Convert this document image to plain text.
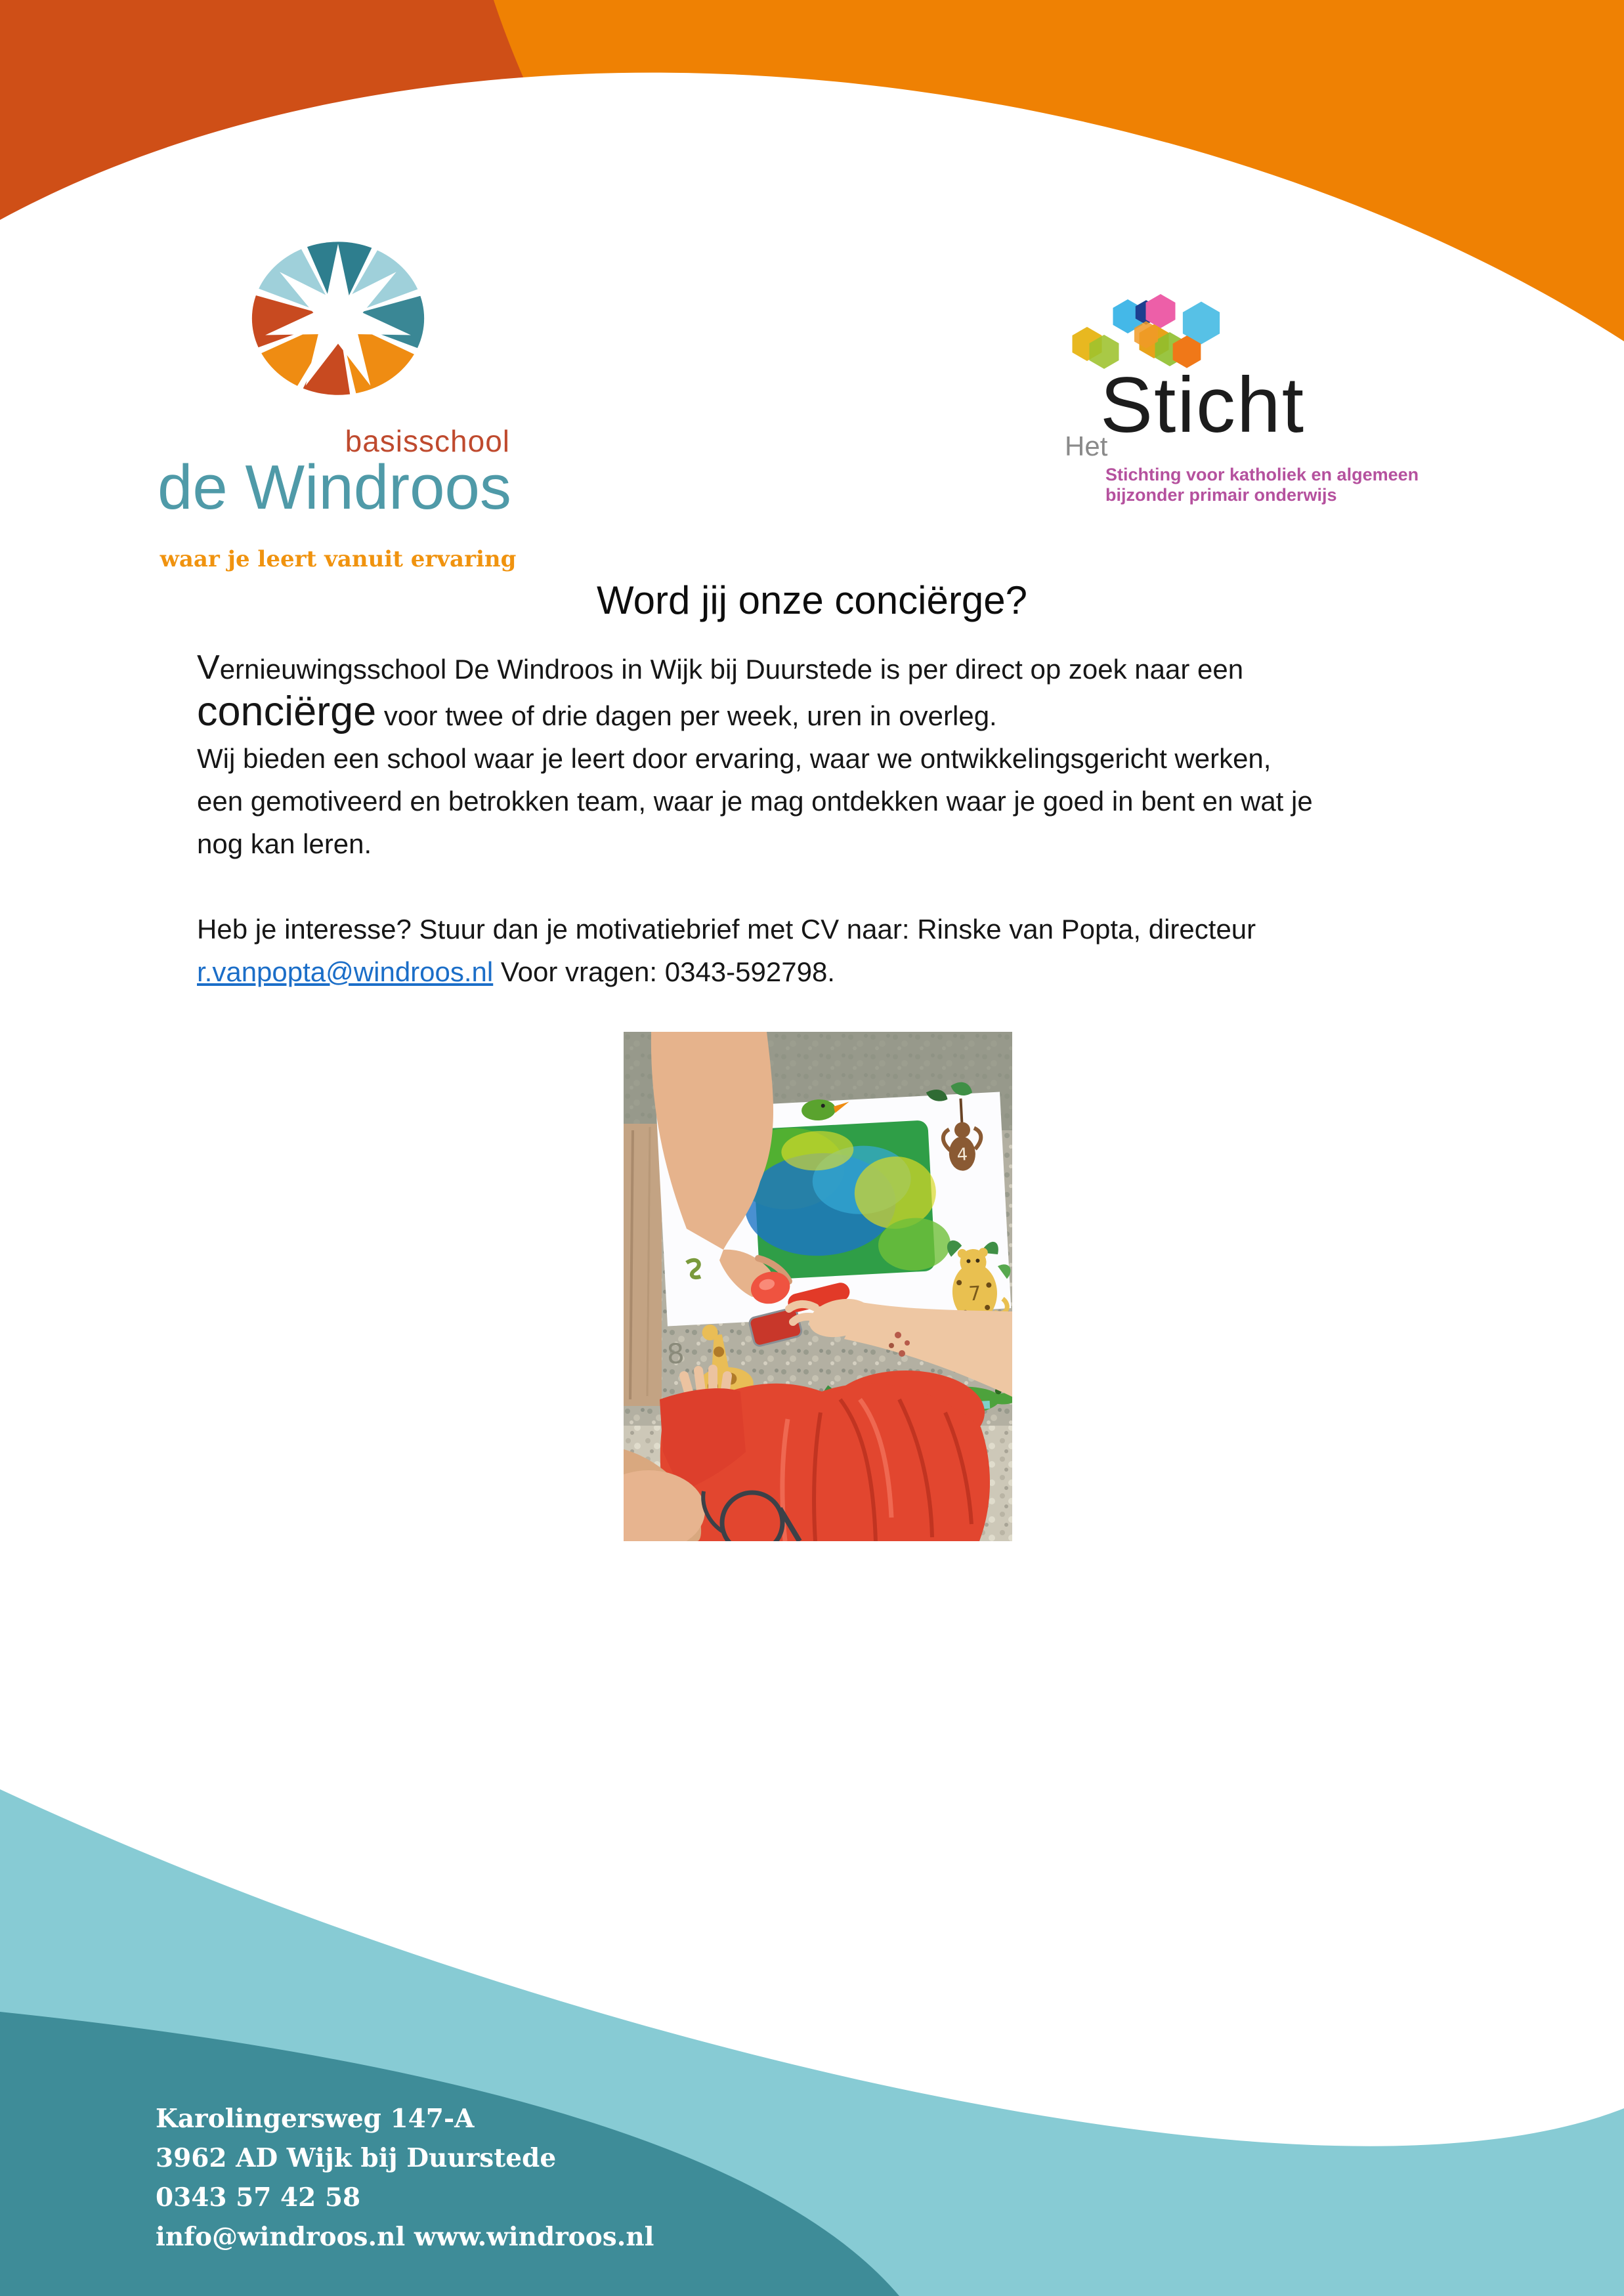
basisschool
de Windroos
waar je leert vanuit ervaring
Het
Sticht
Stichting voor katholiek en algemeen
bijzonder primair onderwijs
Word jij onze conciërge?
Vernieuwingsschool De Windroos in Wijk bij Duurstede is per direct op zoek naar een
conciërge voor twee of drie dagen per week, uren in overleg.
Wij bieden een school waar je leert door ervaring, waar we ontwikkelingsgericht werken,
een gemotiveerd en betrokken team, waar je mag ontdekken waar je goed in bent en wat je
nog kan leren.
Heb je interesse? Stuur dan je motivatiebrief met CV naar: Rinske van Popta, directeur
r.vanpopta@windroos.nl Voor vragen: 0343-592798.
4
7
8
Karolingersweg 147-A
3962 AD Wijk bij Duurstede
0343 57 42 58
info@windroos.nl www.windroos.nl
